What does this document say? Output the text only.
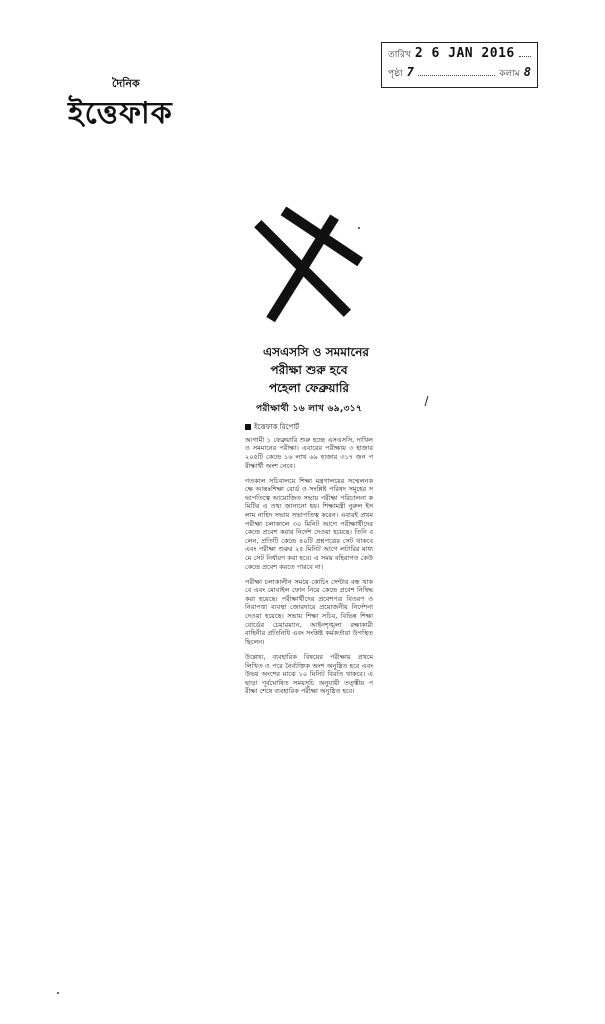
তারিখ 2 6 JAN 2016
পৃষ্ঠা 7	কলাম 8
দৈনিক
ইত্তেফাক
এসএসসি ও সমমানের
পরীক্ষা শুরু হবে
পহেলা ফেব্রুয়ারি
পরীক্ষার্থী ১৬ লাখ ৬৯,৩১৭
ইত্তেফাক রিপোর্ট

আগামী ১ ফেব্রুয়ারি শুরু হচ্ছে এসএসসি, দাখিল ও সমমানের পরীক্ষা। এবারের পরীক্ষায় ৩ হাজার ২০৫টি কেন্দ্রে ১৬ লাখ ৬৯ হাজার ৩১৭ জন পরীক্ষার্থী অংশ নেবে।

গতকাল সচিবালয়ে শিক্ষা মন্ত্রণালয়ের সম্মেলনকক্ষে আন্তঃশিক্ষা বোর্ড ও সংশ্লিষ্ট পরিষদ সমূহের সভাপতিত্বে আয়োজিত সভায় পরীক্ষা পরিচালনা কমিটির এ তথ্য জানানো হয়। শিক্ষামন্ত্রী নুরুল ইসলাম নাহিদ সভায় সভাপতিত্ব করেন। এবারই প্রথম পরীক্ষা চলাকালে ৩০ মিনিট আগে পরীক্ষার্থীদের কেন্দ্রে প্রবেশ করার নির্দেশ দেওয়া হয়েছে। তিনি বলেন, প্রতিটি কেন্দ্রে ৪০টি প্রশ্নপত্রের সেট থাকবে এবং পরীক্ষা শুরুর ২৫ মিনিট আগে লটারির মাধ্যমে সেট নির্ধারণ করা হবে। এ সময় বহিরাগত কেউ কেন্দ্রে প্রবেশ করতে পারবে না।

পরীক্ষা চলাকালীন সময়ে কোচিং সেন্টার বন্ধ থাকবে এবং মোবাইল ফোন নিয়ে কেন্দ্রে প্রবেশ নিষিদ্ধ করা হয়েছে। পরীক্ষার্থীদের প্রবেশপত্র বিতরণ ও নিরাপত্তা ব্যবস্থা জোরদারে প্রয়োজনীয় নির্দেশনা দেওয়া হয়েছে। সভায় শিক্ষা সচিব, বিভিন্ন শিক্ষা বোর্ডের চেয়ারম্যান, আইনশৃঙ্খলা রক্ষাকারী বাহিনীর প্রতিনিধি এবং সংশ্লিষ্ট কর্মকর্তারা উপস্থিত ছিলেন।

উল্লেখ্য, ব্যবহারিক বিষয়ের পরীক্ষায় প্রথমে লিখিত ও পরে নৈর্ব্যক্তিক অংশ অনুষ্ঠিত হবে এবং উভয় অংশের মাঝে ১০ মিনিট বিরতি থাকবে। এছাড়া পূর্বঘোষিত সময়সূচি অনুযায়ী তত্ত্বীয় পরীক্ষা শেষে ব্যবহারিক পরীক্ষা অনুষ্ঠিত হবে।
